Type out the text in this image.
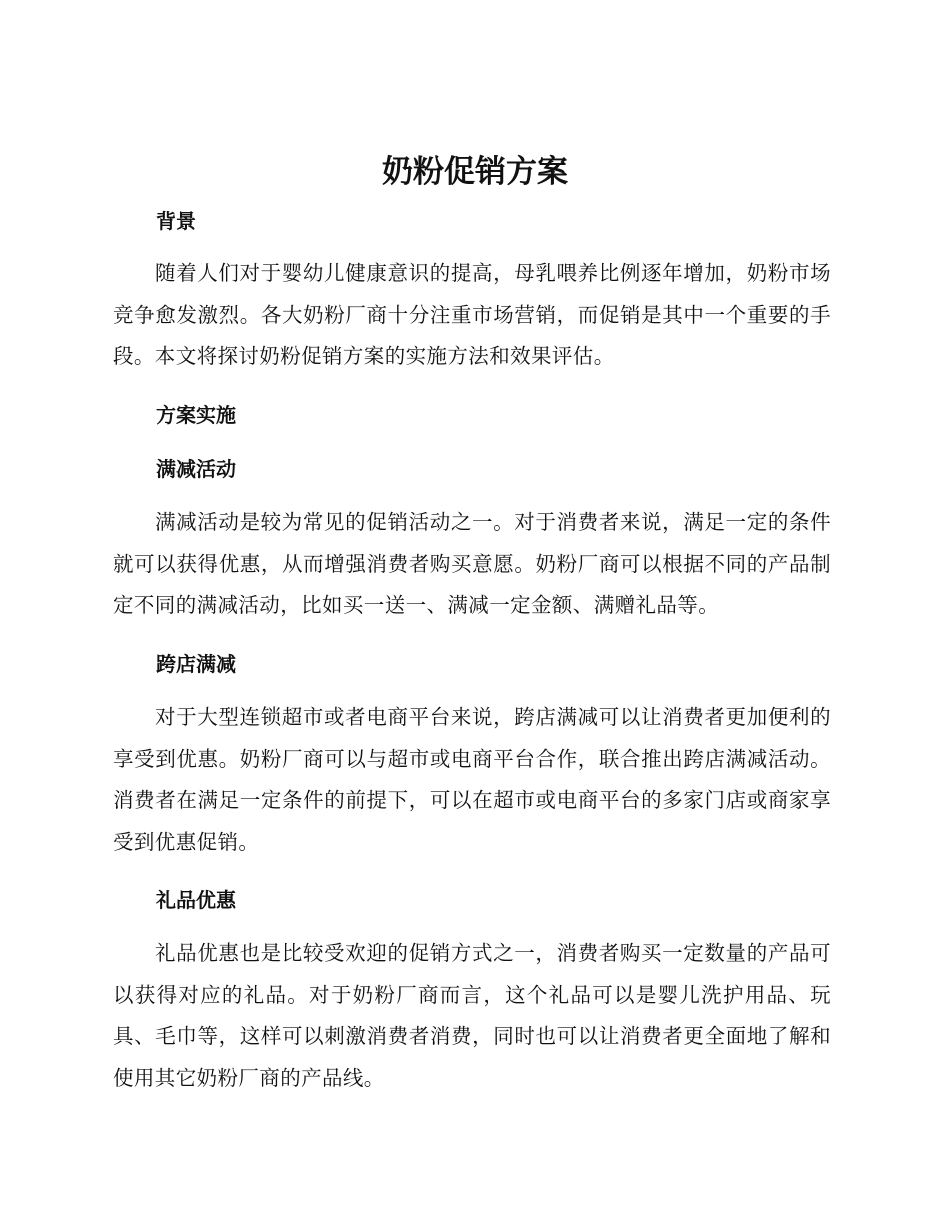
奶粉促销方案
背景

随着人们对于婴幼儿健康意识的提高，母乳喂养比例逐年增加，奶粉市场竞争愈发激烈。各大奶粉厂商十分注重市场营销，而促销是其中一个重要的手段。本文将探讨奶粉促销方案的实施方法和效果评估。

方案实施
满减活动

满减活动是较为常见的促销活动之一。对于消费者来说，满足一定的条件就可以获得优惠，从而增强消费者购买意愿。奶粉厂商可以根据不同的产品制定不同的满减活动，比如买一送一、满减一定金额、满赠礼品等。

跨店满减

对于大型连锁超市或者电商平台来说，跨店满减可以让消费者更加便利的享受到优惠。奶粉厂商可以与超市或电商平台合作，联合推出跨店满减活动。消费者在满足一定条件的前提下，可以在超市或电商平台的多家门店或商家享受到优惠促销。

礼品优惠

礼品优惠也是比较受欢迎的促销方式之一，消费者购买一定数量的产品可以获得对应的礼品。对于奶粉厂商而言，这个礼品可以是婴儿洗护用品、玩具、毛巾等，这样可以刺激消费者消费，同时也可以让消费者更全面地了解和使用其它奶粉厂商的产品线。
